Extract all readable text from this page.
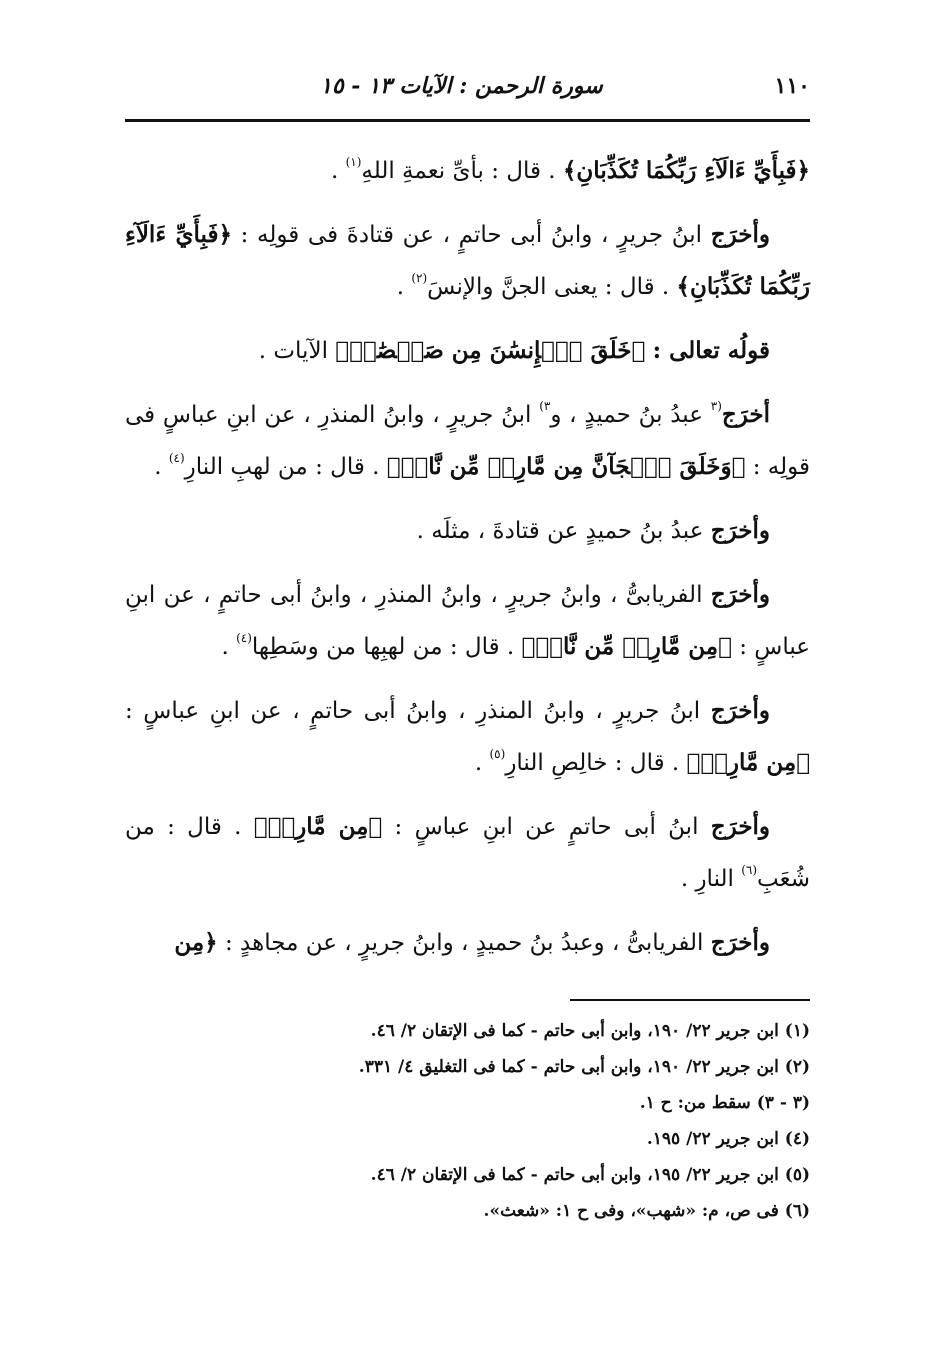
١١٠
سورة الرحمن : الآيات ١٣ - ١٥

﴿فَبِأَيِّ ءَالَآءِ رَبِّكُمَا تُكَذِّبَانِ﴾ . قال : بأىِّ نعمةِ اللهِ$^{(١)}$ .

وأخرَج ابنُ جريرٍ ، وابنُ أبى حاتمٍ ، عن قتادةَ فى قولِه : ﴿فَبِأَيِّ ءَالَآءِ رَبِّكُمَا تُكَذِّبَانِ﴾ . قال : يعنى الجنَّ والإنسَ$^{(٢)}$ .

قولُه تعالى : ﴿خَلَقَ ٱلۡإِنسَٰنَ مِن صَلۡصَٰلٖ﴾ الآيات .

أخرَج$^{(٣}$ عبدُ بنُ حميدٍ ، و$^{٣)}$ ابنُ جريرٍ ، وابنُ المنذرِ ، عن ابنِ عباسٍ فى قولِه : ﴿وَخَلَقَ ٱلۡجَآنَّ مِن مَّارِجٖ مِّن نَّارٖ﴾ . قال : من لهبِ النارِ$^{(٤)}$ .

وأخرَج عبدُ بنُ حميدٍ عن قتادةَ ، مثلَه .

وأخرَج الفريابىُّ ، وابنُ جريرٍ ، وابنُ المنذرِ ، وابنُ أبى حاتمٍ ، عن ابنِ عباسٍ : ﴿مِن مَّارِجٖ مِّن نَّارٖ﴾ . قال : من لهبِها من وسَطِها$^{(٤)}$ .

وأخرَج ابنُ جريرٍ ، وابنُ المنذرِ ، وابنُ أبى حاتمٍ ، عن ابنِ عباسٍ : ﴿مِن مَّارِجٖ﴾ . قال : خالِصِ النارِ$^{(٥)}$ .

وأخرَج ابنُ أبى حاتمٍ عن ابنِ عباسٍ : ﴿مِن مَّارِجٖ﴾ . قال : من شُعَبِ$^{(٦)}$ النارِ .

وأخرَج الفريابىُّ ، وعبدُ بنُ حميدٍ ، وابنُ جريرٍ ، عن مجاهدٍ : ﴿مِن

(١) ابن جرير ٢٢/ ١٩٠، وابن أبى حاتم - كما فى الإتقان ٢/ ٤٦.

(٢) ابن جرير ٢٢/ ١٩٠، وابن أبى حاتم - كما فى التغليق ٤/ ٣٣١.

(٣ - ٣) سقط من: ح ١.

(٤) ابن جرير ٢٢/ ١٩٥.

(٥) ابن جرير ٢٢/ ١٩٥، وابن أبى حاتم - كما فى الإتقان ٢/ ٤٦.

(٦) فى ص، م: «شهب»، وفى ح ١: «شعث».
